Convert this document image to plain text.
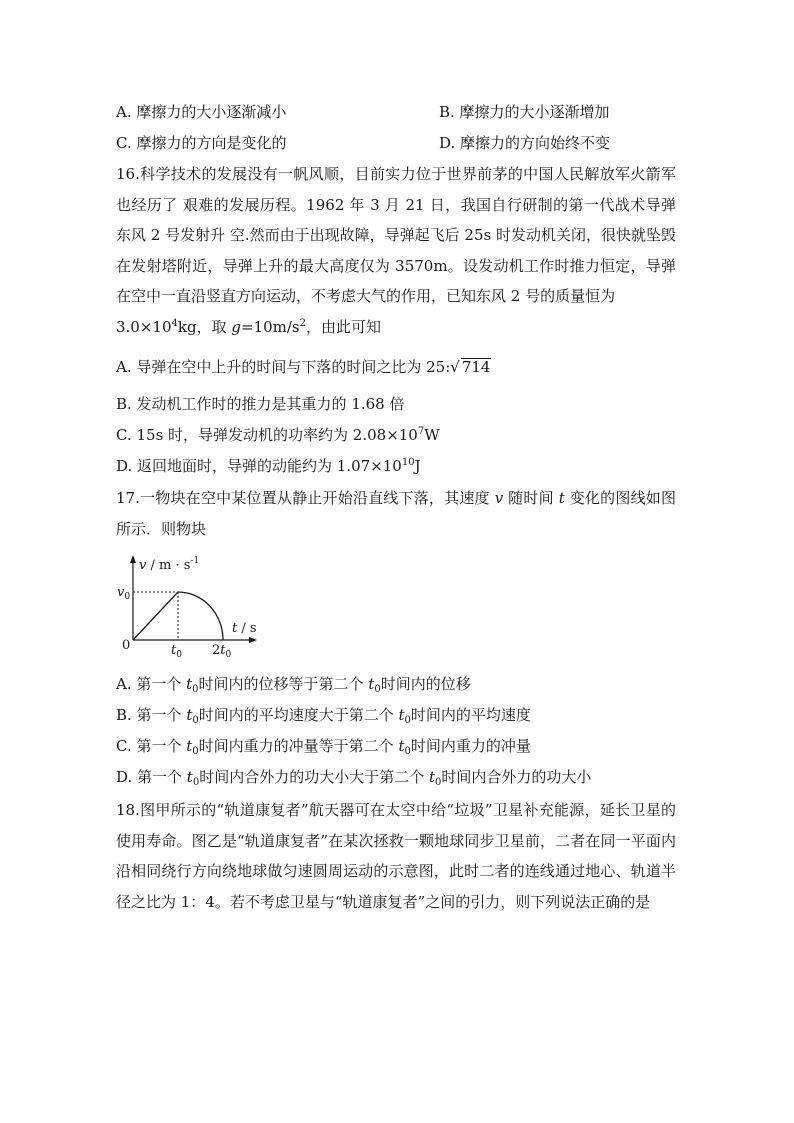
A. 摩擦力的大小逐渐减小	B. 摩擦力的大小逐渐增加
C. 摩擦力的方向是变化的	D. 摩擦力的方向始终不变
16.科学技术的发展没有一帆风顺，目前实力位于世界前茅的中国人民解放军火箭军也经历了 艰难的发展历程。1962 年 3 月 21 日，我国自行研制的第一代战术导弹东风 2 号发射升 空.然而由于出现故障，导弹起飞后 25s 时发动机关闭，很快就坠毁在发射塔附近，导弹上升的最大高度仅为 3570m。设发动机工作时推力恒定，导弹在空中一直沿竖直方向运动，不考虑大气的作用，已知东风 2 号的质量恒为
$3.0\times 10^4kg$，取 $g=10m/s^2$，由此可知
A. 导弹在空中上升的时间与下落的时间之比为 25:√ 714
B. 发动机工作时的推力是其重力的 1.68 倍
C. 15s 时，导弹发动机的功率约为 $2.08\times 10^7W$
D. 返回地面时，导弹的动能约为 $1.07\times 10^{10}J$
17.一物块在空中某位置从静止开始沿直线下落，其速度 v 随时间 t 变化的图线如图所示．则物块
$v / m \cdot s^{-1}$
$v_0$
t / s
0	$t_0$ $2t_0$
A. 第一个 $t_0$时间内的位移等于第二个 $t_0$时间内的位移
B. 第一个 $t_0$时间内的平均速度大于第二个 $t_0$时间内的平均速度
C. 第一个 $t_0$时间内重力的冲量等于第二个 $t_0$时间内重力的冲量
D. 第一个 $t_0$时间内合外力的功大小大于第二个 $t_0$时间内合外力的功大小
18.图甲所示的“轨道康复者”航天器可在太空中给“垃圾”卫星补充能源，延长卫星的使用寿命。图乙是“轨道康复者”在某次拯救一颗地球同步卫星前，二者在同一平面内沿相同绕行方向绕地球做匀速圆周运动的示意图，此时二者的连线通过地心、轨道半径之比为 1：4。若不考虑卫星与“轨道康复者”之间的引力，则下列说法正确的是
